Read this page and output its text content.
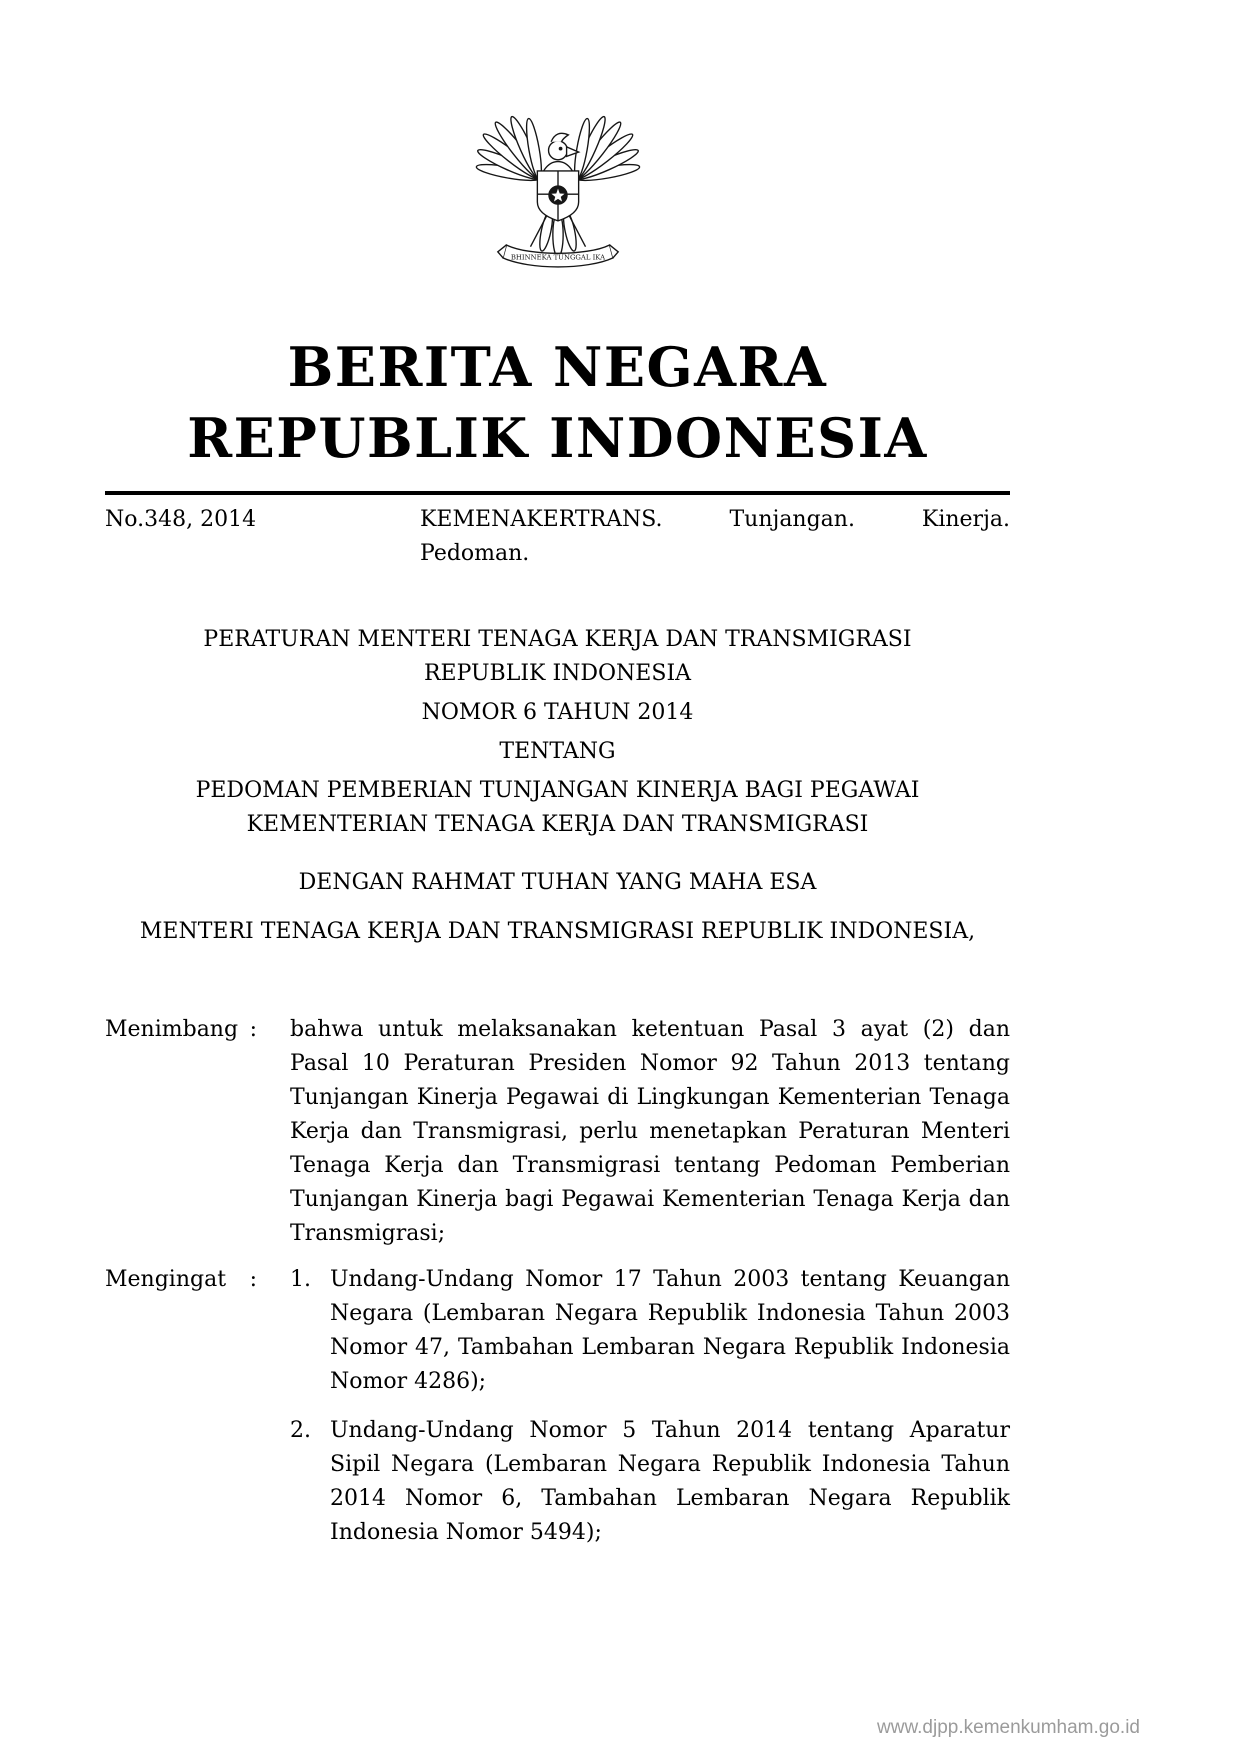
BHINNEKA TUNGGAL IKA
BERITA NEGARA
REPUBLIK INDONESIA
No.348, 2014	KEMENAKERTRANS.	Tunjangan.	Kinerja.
Pedoman.
PERATURAN MENTERI TENAGA KERJA DAN TRANSMIGRASI
REPUBLIK INDONESIA
NOMOR 6 TAHUN 2014
TENTANG
PEDOMAN PEMBERIAN TUNJANGAN KINERJA BAGI PEGAWAI
KEMENTERIAN TENAGA KERJA DAN TRANSMIGRASI
DENGAN RAHMAT TUHAN YANG MAHA ESA
MENTERI TENAGA KERJA DAN TRANSMIGRASI REPUBLIK INDONESIA,
Menimbang : bahwa untuk melaksanakan ketentuan Pasal 3 ayat (2) dan Pasal 10 Peraturan Presiden Nomor 92 Tahun 2013 tentang Tunjangan Kinerja Pegawai di Lingkungan Kementerian Tenaga Kerja dan Transmigrasi, perlu menetapkan Peraturan Menteri Tenaga Kerja dan Transmigrasi tentang Pedoman Pemberian Tunjangan Kinerja bagi Pegawai Kementerian Tenaga Kerja dan Transmigrasi;
Mengingat : 1. Undang-Undang Nomor 17 Tahun 2003 tentang Keuangan Negara (Lembaran Negara Republik Indonesia Tahun 2003 Nomor 47, Tambahan Lembaran Negara Republik Indonesia Nomor 4286);
2. Undang-Undang Nomor 5 Tahun 2014 tentang Aparatur Sipil Negara (Lembaran Negara Republik Indonesia Tahun 2014 Nomor 6, Tambahan Lembaran Negara Republik Indonesia Nomor 5494);
www.djpp.kemenkumham.go.id
